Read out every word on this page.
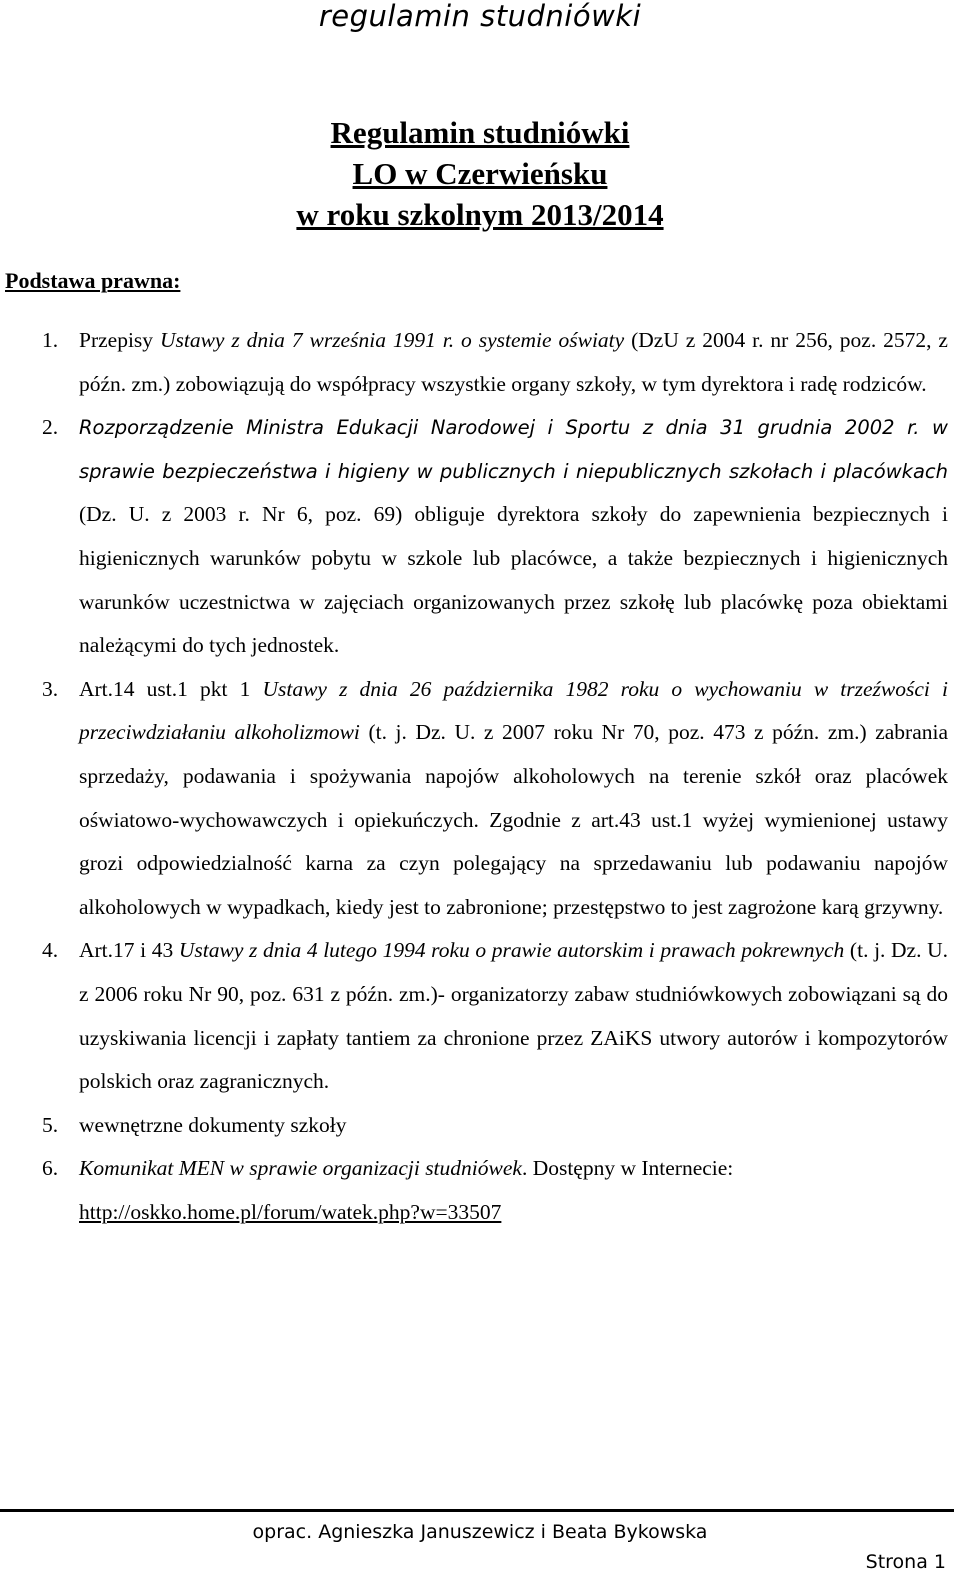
regulamin studniówki
Regulamin studniówki
LO w Czerwieńsku
w roku szkolnym 2013/2014
Podstawa prawna:
1. Przepisy Ustawy z dnia 7 września 1991 r. o systemie oświaty (DzU z 2004 r. nr 256, poz. 2572, z późn. zm.) zobowiązują do współpracy wszystkie organy szkoły, w tym dyrektora i radę rodziców.
2. Rozporządzenie Ministra Edukacji Narodowej i Sportu z dnia 31 grudnia 2002 r. w sprawie bezpieczeństwa i higieny w publicznych i niepublicznych szkołach i placówkach (Dz. U. z 2003 r. Nr 6, poz. 69) obliguje dyrektora szkoły do zapewnienia bezpiecznych i higienicznych warunków pobytu w szkole lub placówce, a także bezpiecznych i higienicznych warunków uczestnictwa w zajęciach organizowanych przez szkołę lub placówkę poza obiektami należącymi do tych jednostek.
3. Art.14 ust.1 pkt 1 Ustawy z dnia 26 października 1982 roku o wychowaniu w trzeźwości i przeciwdziałaniu alkoholizmowi (t. j. Dz. U. z 2007 roku Nr 70, poz. 473 z późn. zm.) zabrania sprzedaży, podawania i spożywania napojów alkoholowych na terenie szkół oraz placówek oświatowo-wychowawczych i opiekuńczych. Zgodnie z art.43 ust.1 wyżej wymienionej ustawy grozi odpowiedzialność karna za czyn polegający na sprzedawaniu lub podawaniu napojów alkoholowych w wypadkach, kiedy jest to zabronione; przestępstwo to jest zagrożone karą grzywny.
4. Art.17 i 43 Ustawy z dnia 4 lutego 1994 roku o prawie autorskim i prawach pokrewnych (t. j. Dz. U. z 2006 roku Nr 90, poz. 631 z późn. zm.)- organizatorzy zabaw studniówkowych zobowiązani są do uzyskiwania licencji i zapłaty tantiem za chronione przez ZAiKS utwory autorów i kompozytorów polskich oraz zagranicznych.
5. wewnętrzne dokumenty szkoły
6. Komunikat MEN w sprawie organizacji studniówek. Dostępny w Internecie:
http://oskko.home.pl/forum/watek.php?w=33507
oprac. Agnieszka Januszewicz i Beata Bykowska
Strona 1
